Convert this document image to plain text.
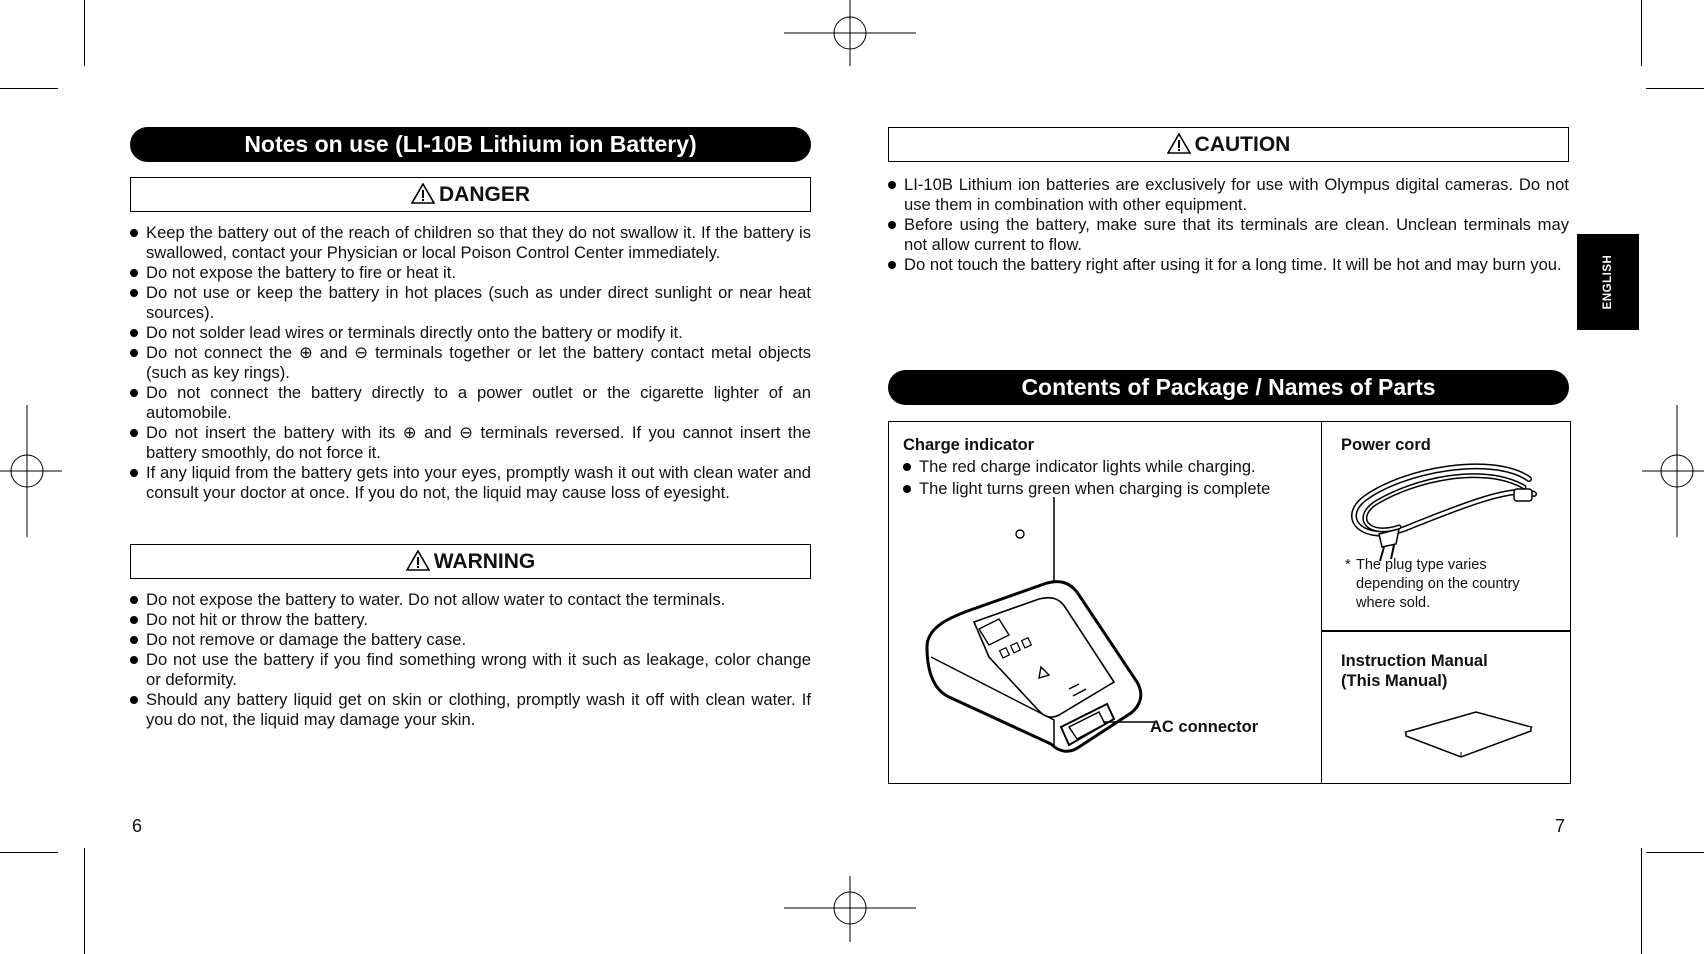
Notes on use (LI-10B Lithium ion Battery)
DANGER
Keep the battery out of the reach of children so that they do not swallow it. If the battery is swallowed, contact your Physician or local Poison Control Center immediately.
Do not expose the battery to fire or heat it.
Do not use or keep the battery in hot places (such as under direct sunlight or near heat sources).
Do not solder lead wires or terminals directly onto the battery or modify it.
Do not connect the ⊕ and ⊖ terminals together or let the battery contact metal objects (such as key rings).
Do not connect the battery directly to a power outlet or the cigarette lighter of an automobile.
Do not insert the battery with its ⊕ and ⊖ terminals reversed. If you cannot insert the battery smoothly, do not force it.
If any liquid from the battery gets into your eyes, promptly wash it out with clean water and consult your doctor at once. If you do not, the liquid may cause loss of eyesight.
WARNING
Do not expose the battery to water. Do not allow water to contact the terminals.
Do not hit or throw the battery.
Do not remove or damage the battery case.
Do not use the battery if you find something wrong with it such as leakage, color change or deformity.
Should any battery liquid get on skin or clothing, promptly wash it off with clean water. If you do not, the liquid may damage your skin.
6
CAUTION
LI-10B Lithium ion batteries are exclusively for use with Olympus digital cameras. Do not use them in combination with other equipment.
Before using the battery, make sure that its terminals are clean. Unclean terminals may not allow current to flow.
Do not touch the battery right after using it for a long time. It will be hot and may burn you.	ENGLISH
Contents of Package / Names of Parts
Charge indicator
The red charge indicator lights while charging.
The light turns green when charging is complete
AC connector
Power cord
* The plug type varies depending on the country where sold.
Instruction Manual
(This Manual)
7
